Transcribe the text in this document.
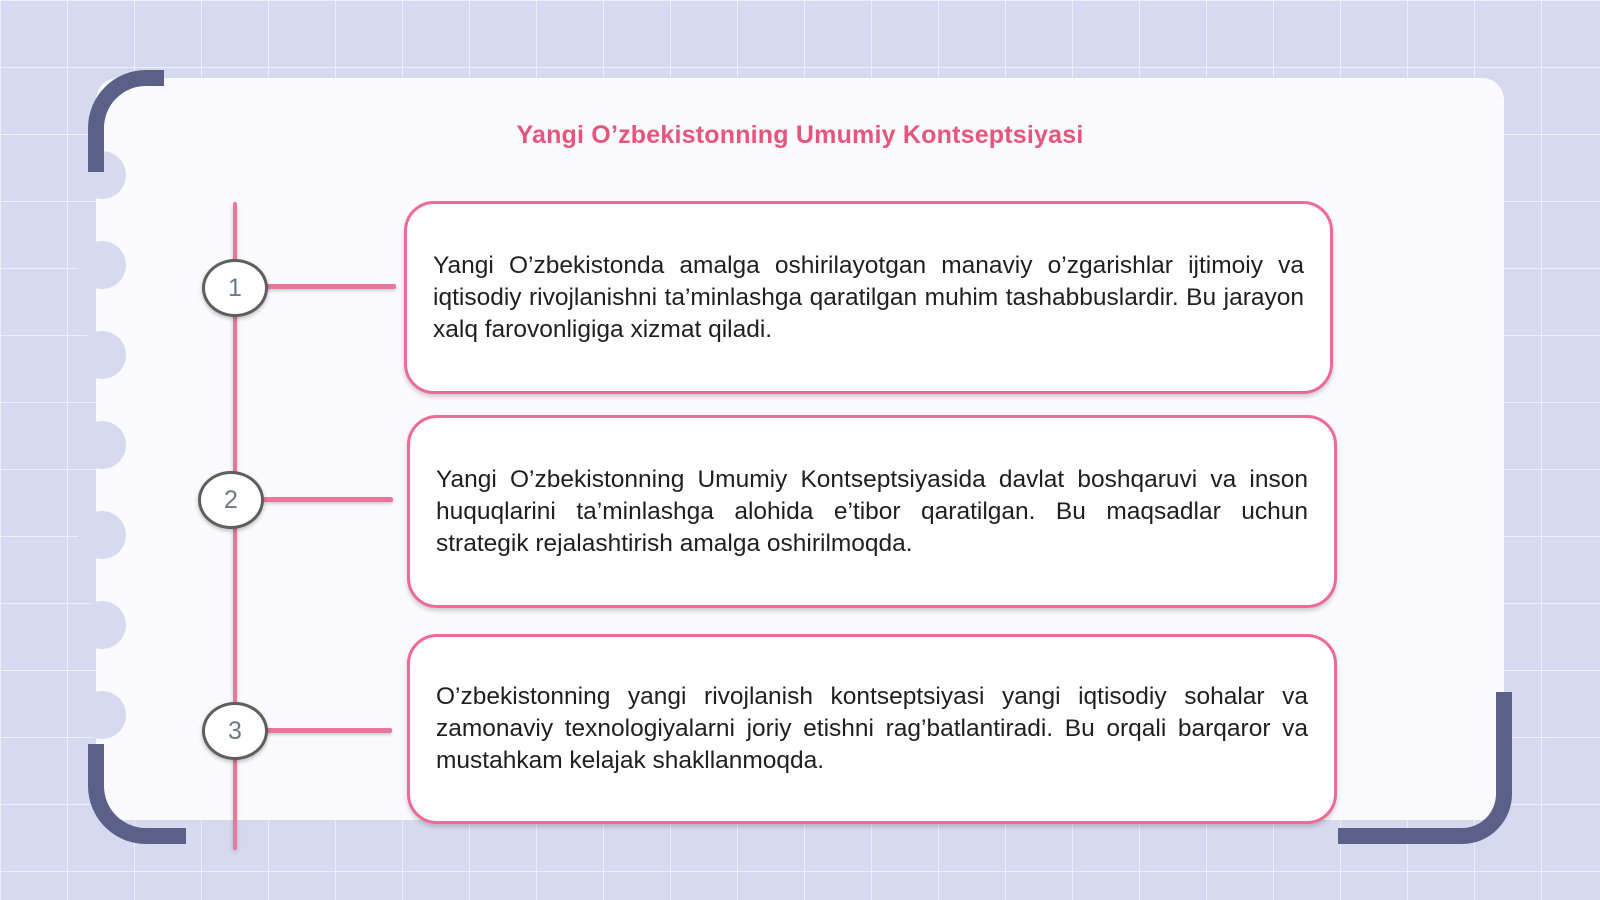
Yangi O’zbekistonning Umumiy Kontseptsiyasi
1

Yangi O’zbekistonda amalga oshirilayotgan manaviy o’zgarishlar ijtimoiy va iqtisodiy rivojlanishni ta’minlashga qaratilgan muhim tashabbuslardir. Bu jarayon xalq farovonligiga xizmat qiladi.

2

Yangi O’zbekistonning Umumiy Kontseptsiyasida davlat boshqaruvi va inson huquqlarini ta’minlashga alohida e’tibor qaratilgan. Bu maqsadlar uchun strategik rejalashtirish amalga oshirilmoqda.

3

O’zbekistonning yangi rivojlanish kontseptsiyasi yangi iqtisodiy sohalar va zamonaviy texnologiyalarni joriy etishni rag’batlantiradi. Bu orqali barqaror va mustahkam kelajak shakllanmoqda.
